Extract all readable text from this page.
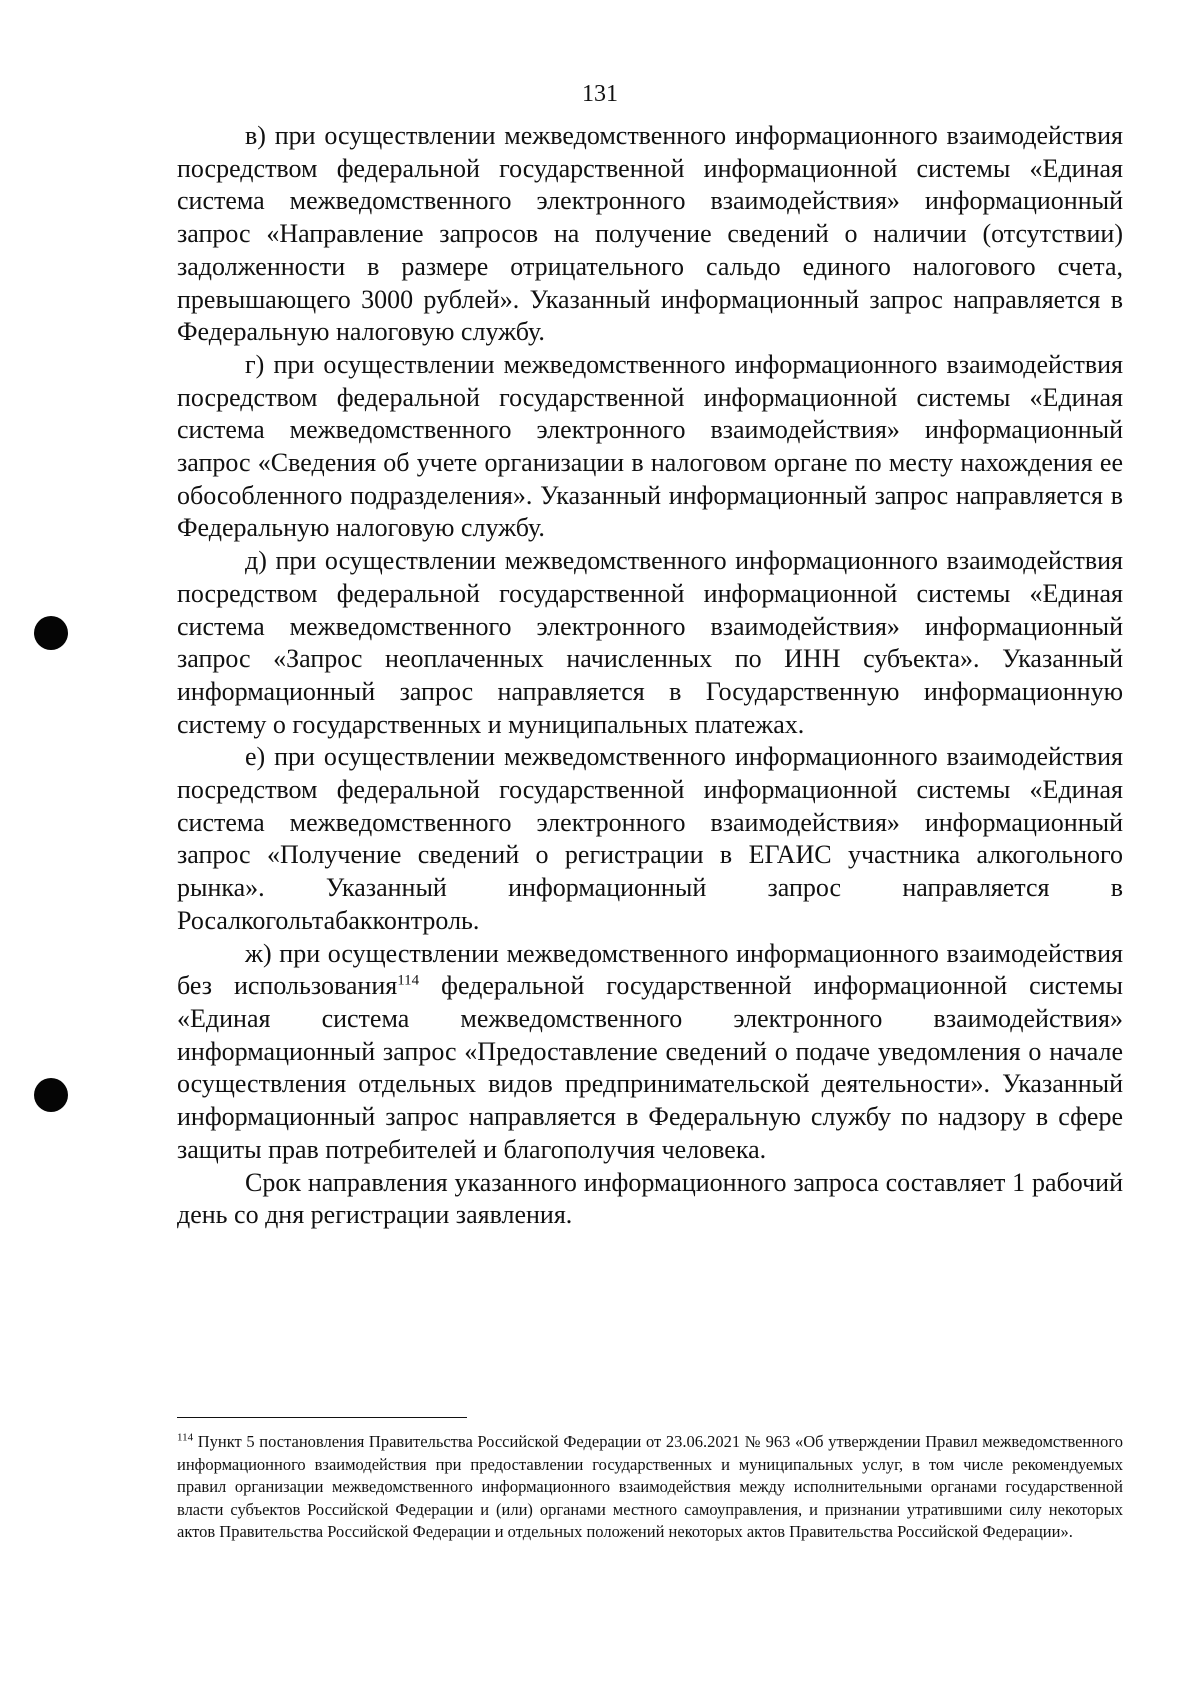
131

в) при осуществлении межведомственного информационного взаимодействия посредством федеральной государственной информационной системы «Единая система межведомственного электронного взаимодействия» информационный запрос «Направление запросов на получение сведений о наличии (отсутствии) задолженности в размере отрицательного сальдо единого налогового счета, превышающего 3000 рублей». Указанный информационный запрос направляется в Федеральную налоговую службу.

г) при осуществлении межведомственного информационного взаимодействия посредством федеральной государственной информационной системы «Единая система межведомственного электронного взаимодействия» информационный запрос «Сведения об учете организации в налоговом органе по месту нахождения ее обособленного подразделения». Указанный информационный запрос направляется в Федеральную налоговую службу.

д) при осуществлении межведомственного информационного взаимодействия посредством федеральной государственной информационной системы «Единая система межведомственного электронного взаимодействия» информационный запрос «Запрос неоплаченных начисленных по ИНН субъекта». Указанный информационный запрос направляется в Государственную информационную систему о государственных и муниципальных платежах.

е) при осуществлении межведомственного информационного взаимодействия посредством федеральной государственной информационной системы «Единая система межведомственного электронного взаимодействия» информационный запрос «Получение сведений о регистрации в ЕГАИС участника алкогольного рынка». Указанный информационный запрос направляется в Росалкогольтабакконтроль.

ж) при осуществлении межведомственного информационного взаимодействия без использования$^{114}$ федеральной государственной информационной системы «Единая система межведомственного электронного взаимодействия» информационный запрос «Предоставление сведений о подаче уведомления о начале осуществления отдельных видов предпринимательской деятельности». Указанный информационный запрос направляется в Федеральную службу по надзору в сфере защиты прав потребителей и благополучия человека.

Срок направления указанного информационного запроса составляет 1 рабочий день со дня регистрации заявления.

$^{114}$ Пункт 5 постановления Правительства Российской Федерации от 23.06.2021 № 963 «Об утверждении Правил межведомственного информационного взаимодействия при предоставлении государственных и муниципальных услуг, в том числе рекомендуемых правил организации межведомственного информационного взаимодействия между исполнительными органами государственной власти субъектов Российской Федерации и (или) органами местного самоуправления, и признании утратившими силу некоторых актов Правительства Российской Федерации и отдельных положений некоторых актов Правительства Российской Федерации».
